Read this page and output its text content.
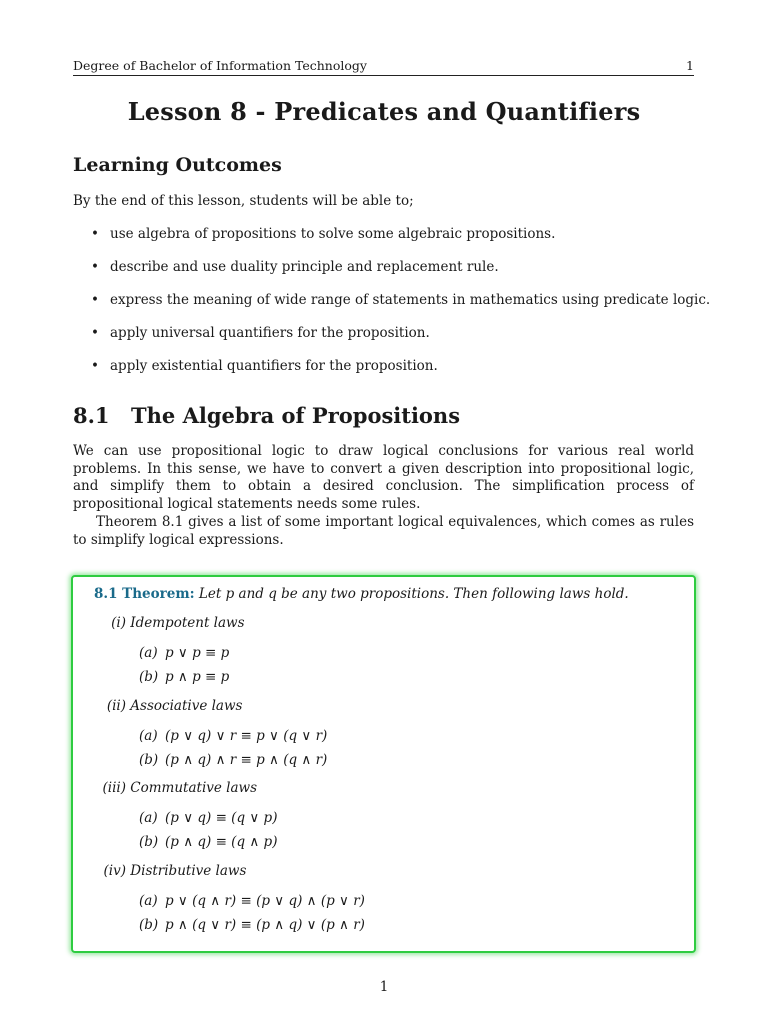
Degree of Bachelor of Information Technology	1
Lesson 8 - Predicates and Quantifiers
Learning Outcomes
By the end of this lesson, students will be able to;
• use algebra of propositions to solve some algebraic propositions.
• describe and use duality principle and replacement rule.
• express the meaning of wide range of statements in mathematics using predicate logic.
• apply universal quantifiers for the proposition.
• apply existential quantifiers for the proposition.
8.1 The Algebra of Propositions

We can use propositional logic to draw logical conclusions for various real world problems. In this sense, we have to convert a given description into propositional logic, and simplify them to obtain a desired conclusion. The simplification process of propositional logical statements needs some rules.

Theorem 8.1 gives a list of some important logical equivalences, which comes as rules to simplify logical expressions.

8.1 Theorem: Let p and q be any two propositions. Then following laws hold.
(i) Idempotent laws
(a) p ∨ p ≡ p
(b) p ∧ p ≡ p
(ii) Associative laws
(a) (p ∨ q) ∨ r ≡ p ∨ (q ∨ r)
(b) (p ∧ q) ∧ r ≡ p ∧ (q ∧ r)
(iii) Commutative laws
(a) (p ∨ q) ≡ (q ∨ p)
(b) (p ∧ q) ≡ (q ∧ p)
(iv) Distributive laws
(a) p ∨ (q ∧ r) ≡ (p ∨ q) ∧ (p ∨ r)
(b) p ∧ (q ∨ r) ≡ (p ∧ q) ∨ (p ∧ r)
1
